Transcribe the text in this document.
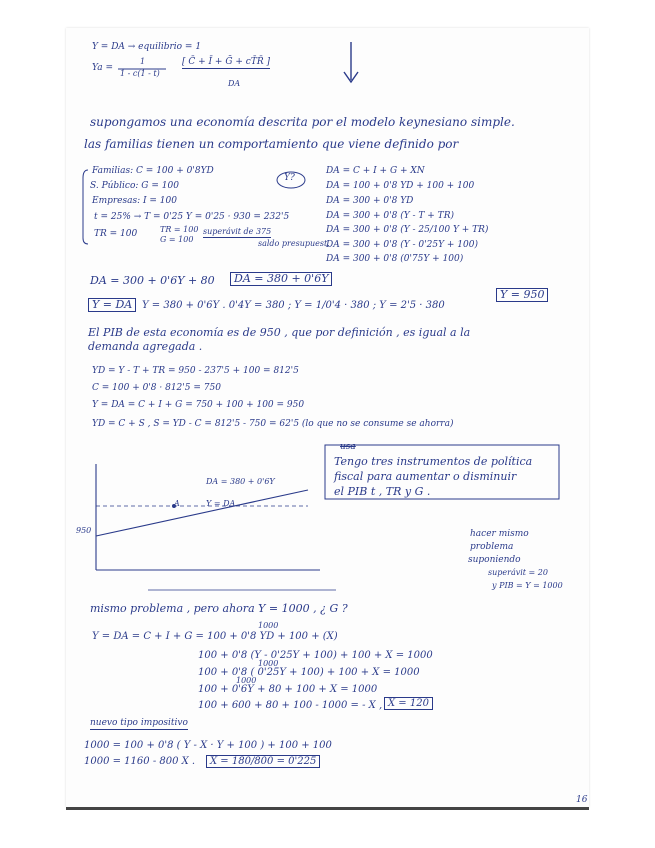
Y = DA → equilibrio = 1
Ya =
1
1 - c(1 - t)
[ C̄ + Ī + Ḡ + cT̄R̄ ]
DA
supongamos una economía descrita por el modelo keynesiano simple.
las familias tienen un comportamiento que viene definido por
Familias: C = 100 + 0'8YD
S. Público: G = 100
Empresas: I = 100
t = 25% → T = 0'25 Y = 0'25 · 930 = 232'5
TR = 100	TR = 100
G = 100
superávit de 375
saldo presupuest.
Y?
DA = C + I + G + XN
DA = 100 + 0'8 YD + 100 + 100
DA = 300 + 0'8 YD
DA = 300 + 0'8 (Y - T + TR)
DA = 300 + 0'8 (Y - 25/100 Y + TR)
DA = 300 + 0'8 (Y - 0'25Y + 100)
DA = 300 + 0'8 (0'75Y + 100)
DA = 300 + 0'6Y + 80	DA = 380 + 0'6Y
Y = DA Y = 380 + 0'6Y . 0'4Y = 380 ; Y = 1/0'4 · 380 ; Y = 2'5 · 380
Y = 950
El PIB de esta economía es de 950 , que por definición , es igual a la
demanda agregada .
YD = Y - T + TR = 950 - 237'5 + 100 = 812'5
C = 100 + 0'8 · 812'5 = 750
Y = DA = C + I + G = 750 + 100 + 100 = 950
YD = C + S , S = YD - C = 812'5 - 750 = 62'5 (lo que no se consume se ahorra)
DA = 380 + 0'6Y
Y = DA
A
950
usa
Tengo tres instrumentos de política
fiscal para aumentar o disminuir
el PIB t , TR y G .
hacer mismo
problema
suponiendo
superávit = 20
y PIB = Y = 1000
mismo problema , pero ahora Y = 1000 , ¿ G ?
Y = DA = C + I + G = 100 + 0'8 YD + 100 + (X)
1000
100 + 0'8 (Y - 0'25Y + 100) + 100 + X = 1000
1000
100 + 0'8 ( 0'25Y + 100) + 100 + X = 1000
100 + 0'6Y + 80 + 100 + X = 1000
1000
100 + 600 + 80 + 100 - 1000 = - X , X = 120
nuevo tipo impositivo
1000 = 100 + 0'8 ( Y - X · Y + 100 ) + 100 + 100
1000 = 1160 - 800 X .	X = 180/800 = 0'225
16
